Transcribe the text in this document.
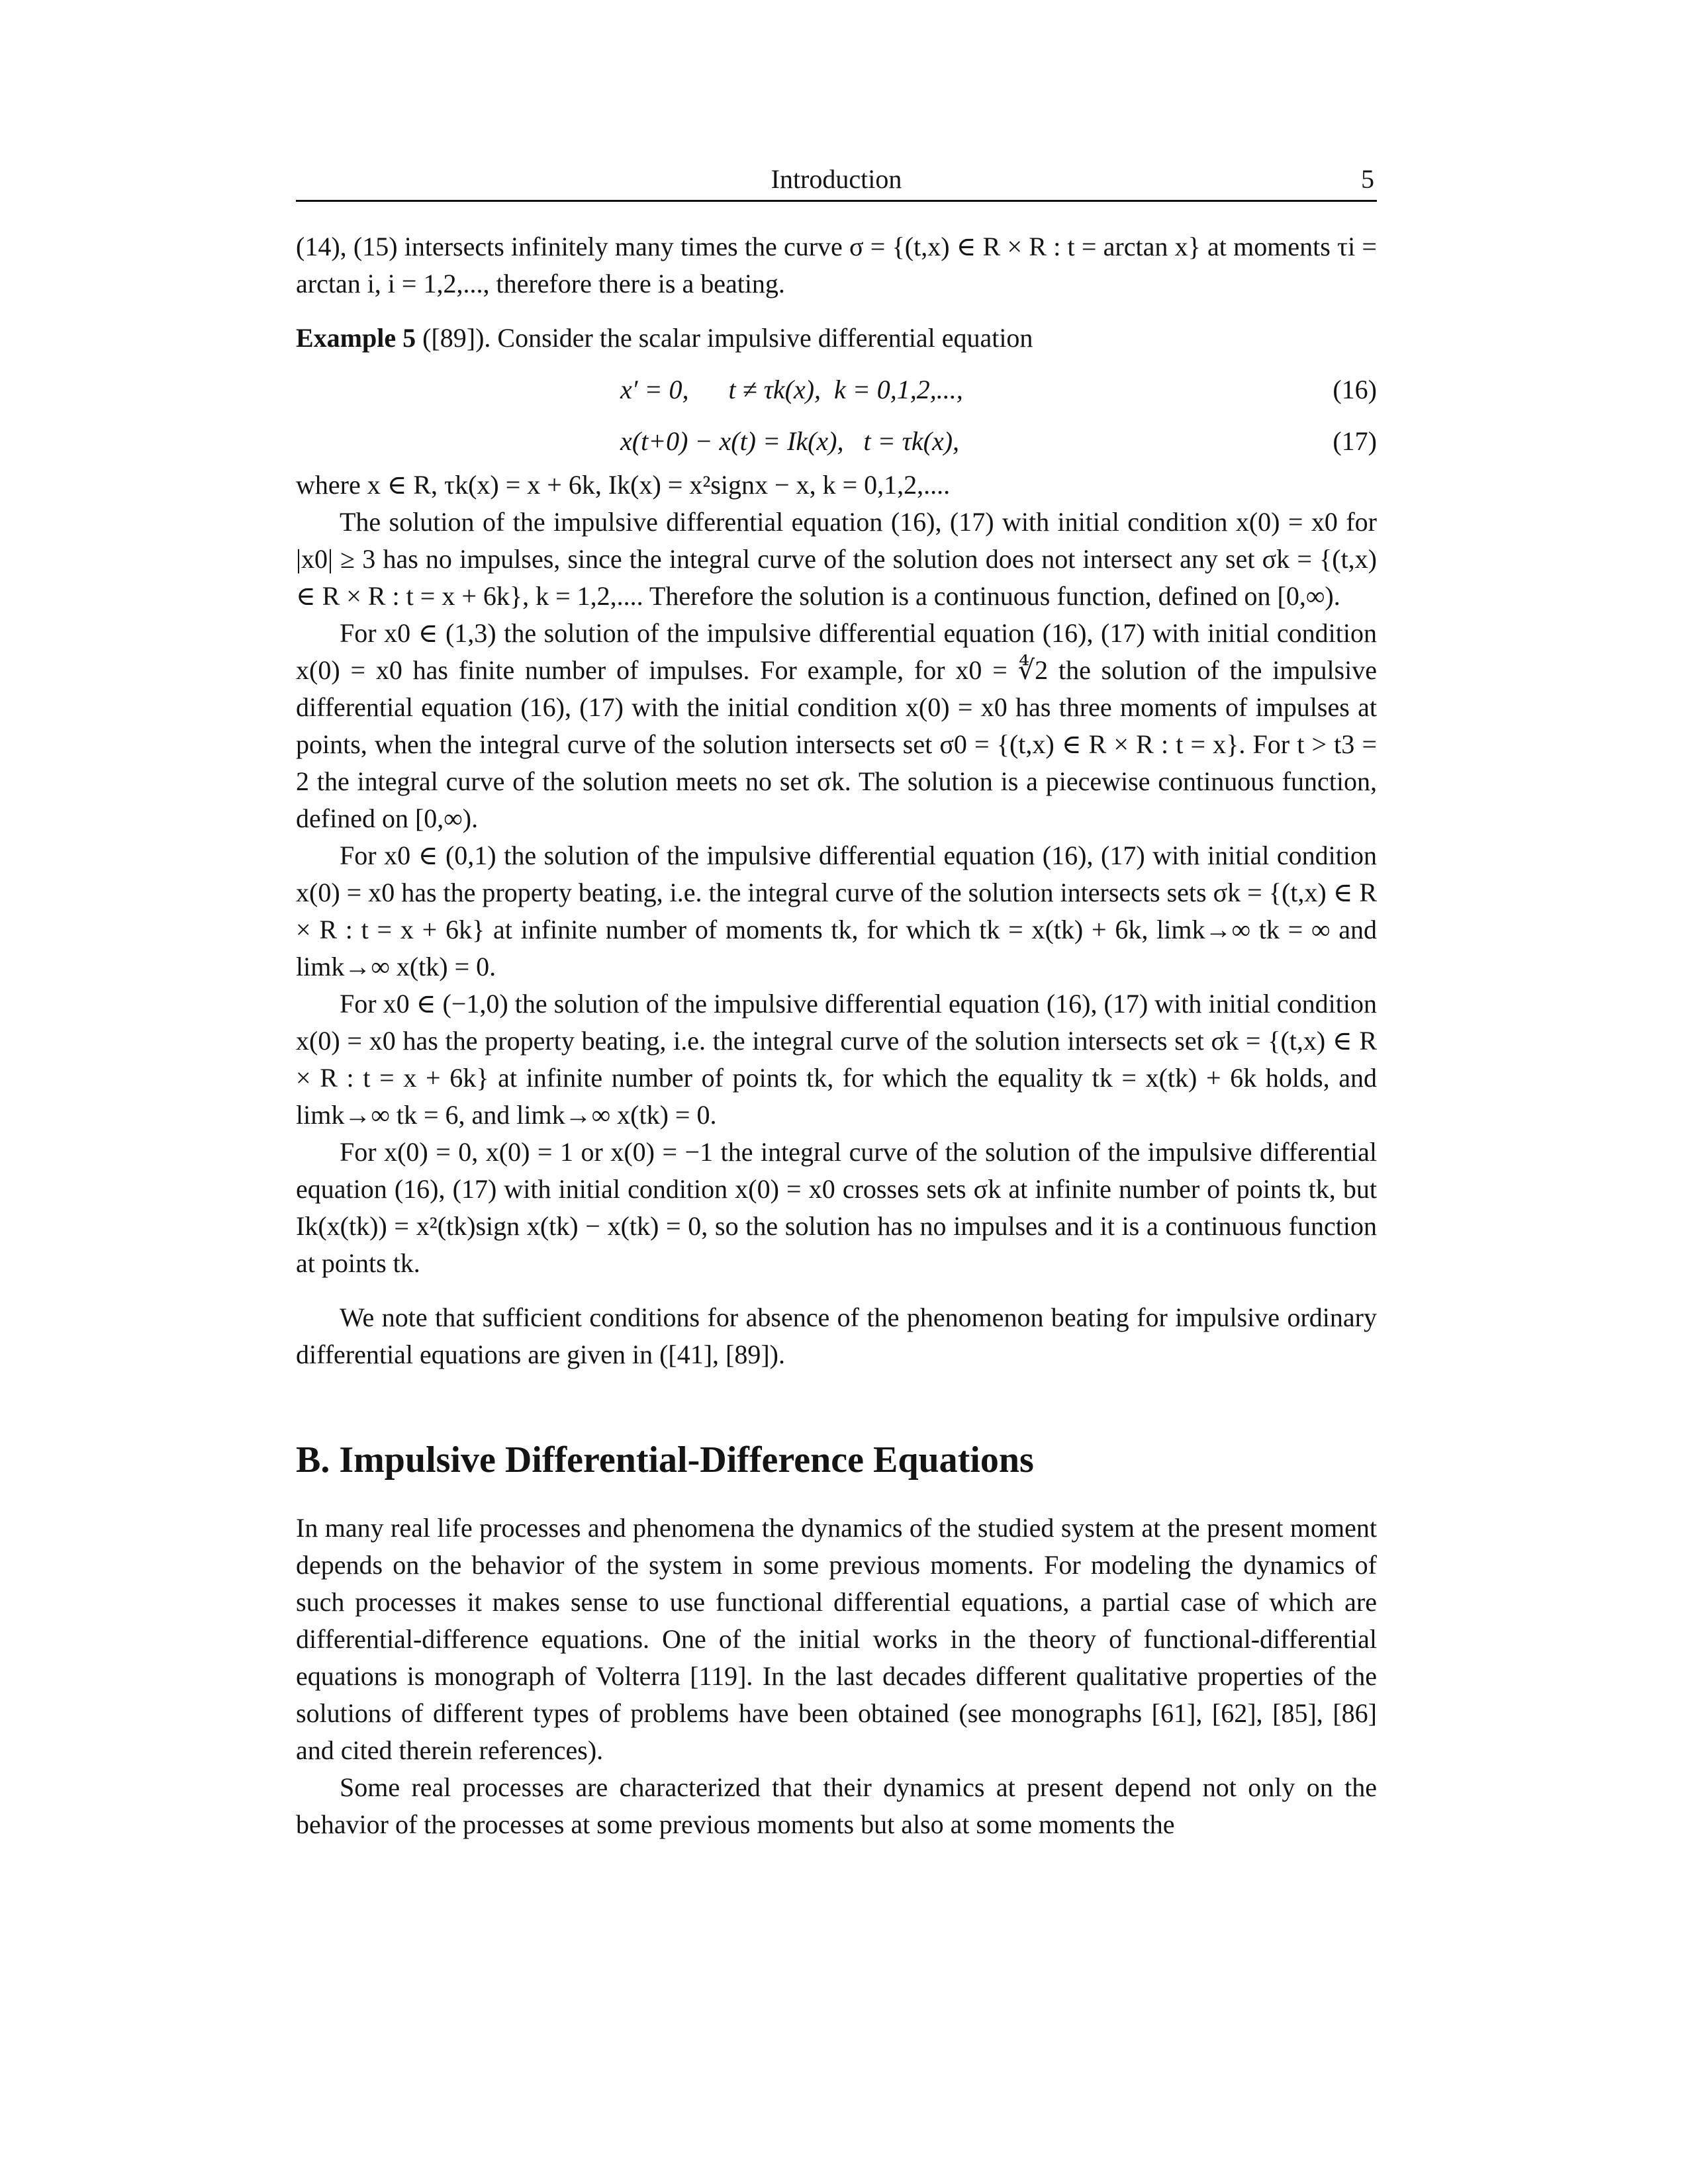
Introduction	5

(14), (15) intersects infinitely many times the curve σ = {(t,x) ∈ R × R : t = arctan x} at moments τi = arctan i, i = 1,2,..., therefore there is a beating.

Example 5 ([89]). Consider the scalar impulsive differential equation

x′ = 0,      t ≠ τk(x),  k = 0,1,2,...,	(16)
x(t+0) − x(t) = Ik(x),   t = τk(x),	(17)

where x ∈ R, τk(x) = x + 6k, Ik(x) = x²signx − x, k = 0,1,2,....

The solution of the impulsive differential equation (16), (17) with initial condition x(0) = x0 for |x0| ≥ 3 has no impulses, since the integral curve of the solution does not intersect any set σk = {(t,x) ∈ R × R : t = x + 6k}, k = 1,2,.... Therefore the solution is a continuous function, defined on [0,∞).

For x0 ∈ (1,3) the solution of the impulsive differential equation (16), (17) with initial condition x(0) = x0 has finite number of impulses. For example, for x0 = ∜2 the solution of the impulsive differential equation (16), (17) with the initial condition x(0) = x0 has three moments of impulses at points, when the integral curve of the solution intersects set σ0 = {(t,x) ∈ R × R : t = x}. For t > t3 = 2 the integral curve of the solution meets no set σk. The solution is a piecewise continuous function, defined on [0,∞).

For x0 ∈ (0,1) the solution of the impulsive differential equation (16), (17) with initial condition x(0) = x0 has the property beating, i.e. the integral curve of the solution intersects sets σk = {(t,x) ∈ R × R : t = x + 6k} at infinite number of moments tk, for which tk = x(tk) + 6k, limk→∞ tk = ∞ and limk→∞ x(tk) = 0.

For x0 ∈ (−1,0) the solution of the impulsive differential equation (16), (17) with initial condition x(0) = x0 has the property beating, i.e. the integral curve of the solution intersects set σk = {(t,x) ∈ R × R : t = x + 6k} at infinite number of points tk, for which the equality tk = x(tk) + 6k holds, and limk→∞ tk = 6, and limk→∞ x(tk) = 0.

For x(0) = 0, x(0) = 1 or x(0) = −1 the integral curve of the solution of the impulsive differential equation (16), (17) with initial condition x(0) = x0 crosses sets σk at infinite number of points tk, but Ik(x(tk)) = x²(tk)sign x(tk) − x(tk) = 0, so the solution has no impulses and it is a continuous function at points tk.

We note that sufficient conditions for absence of the phenomenon beating for impulsive ordinary differential equations are given in ([41], [89]).

B. Impulsive Differential-Difference Equations

In many real life processes and phenomena the dynamics of the studied system at the present moment depends on the behavior of the system in some previous moments. For modeling the dynamics of such processes it makes sense to use functional differential equations, a partial case of which are differential-difference equations. One of the initial works in the theory of functional-differential equations is monograph of Volterra [119]. In the last decades different qualitative properties of the solutions of different types of problems have been obtained (see monographs [61], [62], [85], [86] and cited therein references).

Some real processes are characterized that their dynamics at present depend not only on the behavior of the processes at some previous moments but also at some moments the
